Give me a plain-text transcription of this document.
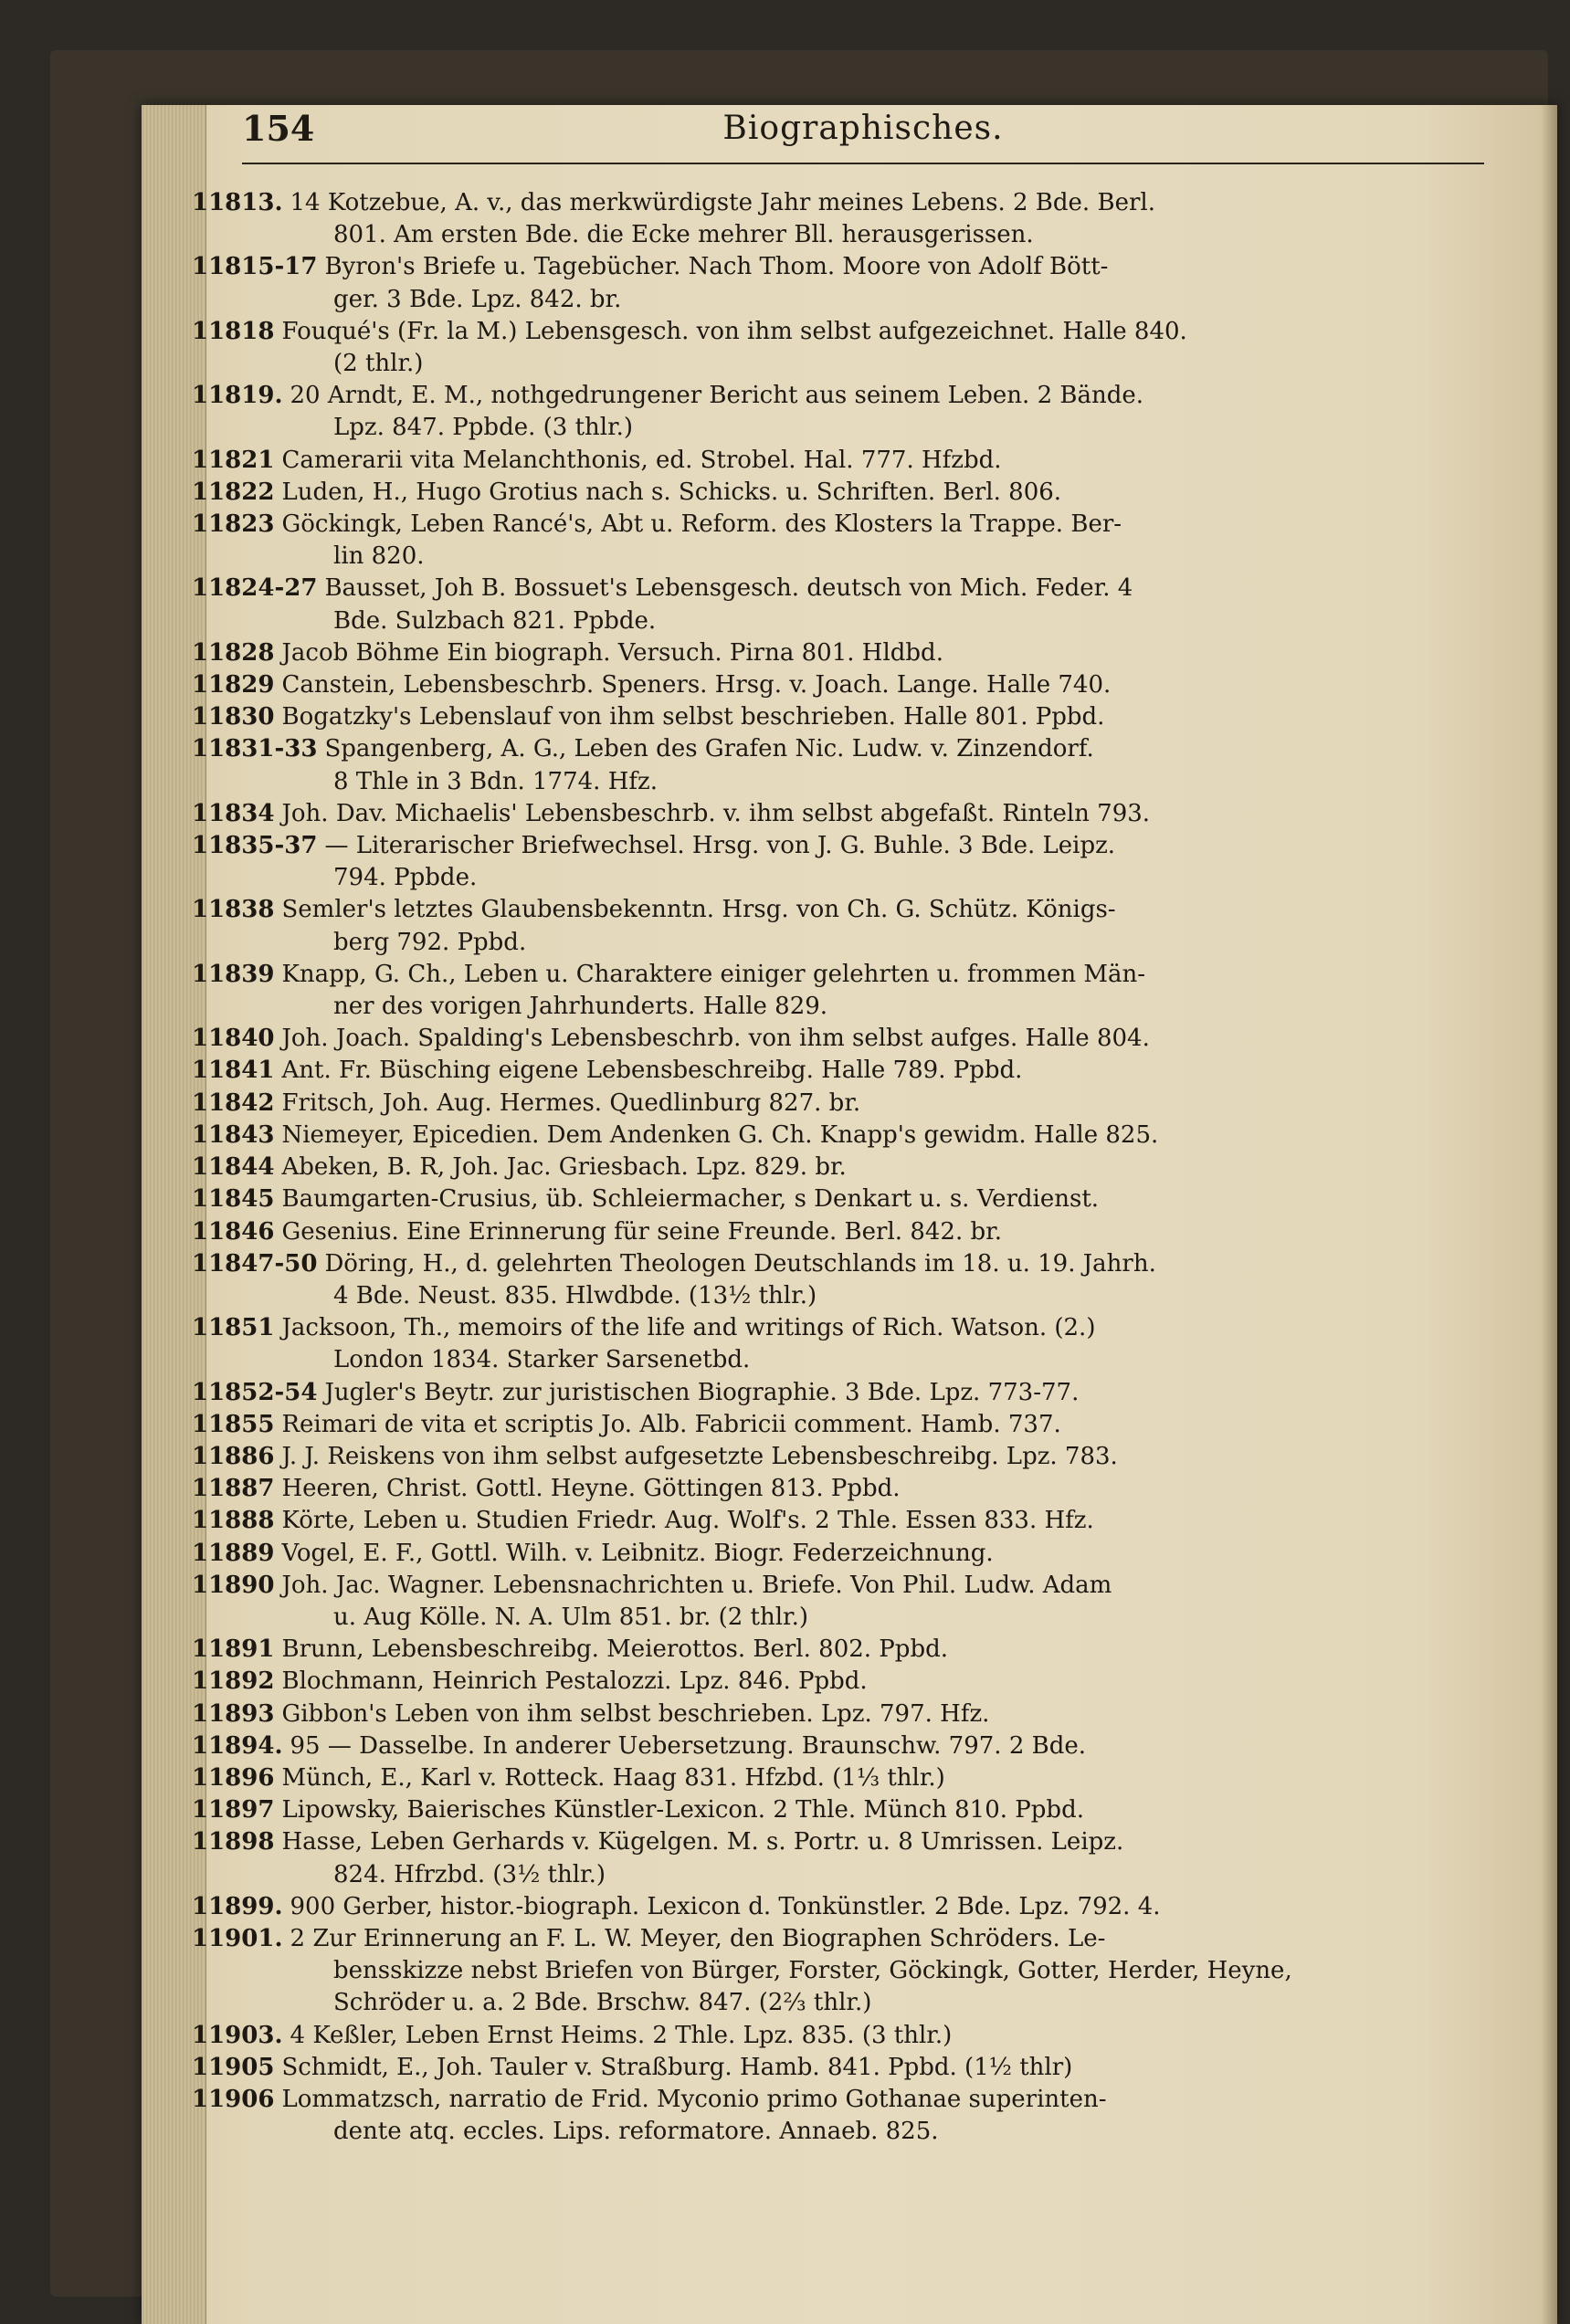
154	Biographisches.
11813. 14 Kotzebue, A. v., das merkwürdigste Jahr meines Lebens. 2 Bde. Berl.
801. Am ersten Bde. die Ecke mehrer Bll. herausgerissen.
11815-17 Byron's Briefe u. Tagebücher. Nach Thom. Moore von Adolf Bött-
ger. 3 Bde. Lpz. 842. br.
11818 Fouqué's (Fr. la M.) Lebensgesch. von ihm selbst aufgezeichnet. Halle 840.
(2 thlr.)
11819. 20 Arndt, E. M., nothgedrungener Bericht aus seinem Leben. 2 Bände.
Lpz. 847. Ppbde. (3 thlr.)
11821 Camerarii vita Melanchthonis, ed. Strobel. Hal. 777. Hfzbd.
11822 Luden, H., Hugo Grotius nach s. Schicks. u. Schriften. Berl. 806.
11823 Göckingk, Leben Rancé's, Abt u. Reform. des Klosters la Trappe. Ber-
lin 820.
11824-27 Bausset, Joh B. Bossuet's Lebensgesch. deutsch von Mich. Feder. 4
Bde. Sulzbach 821. Ppbde.
11828 Jacob Böhme Ein biograph. Versuch. Pirna 801. Hldbd.
11829 Canstein, Lebensbeschrb. Speners. Hrsg. v. Joach. Lange. Halle 740.
11830 Bogatzky's Lebenslauf von ihm selbst beschrieben. Halle 801. Ppbd.
11831-33 Spangenberg, A. G., Leben des Grafen Nic. Ludw. v. Zinzendorf.
8 Thle in 3 Bdn. 1774. Hfz.
11834 Joh. Dav. Michaelis' Lebensbeschrb. v. ihm selbst abgefaßt. Rinteln 793.
11835-37 — Literarischer Briefwechsel. Hrsg. von J. G. Buhle. 3 Bde. Leipz.
794. Ppbde.
11838 Semler's letztes Glaubensbekenntn. Hrsg. von Ch. G. Schütz. Königs-
berg 792. Ppbd.
11839 Knapp, G. Ch., Leben u. Charaktere einiger gelehrten u. frommen Män-
ner des vorigen Jahrhunderts. Halle 829.
11840 Joh. Joach. Spalding's Lebensbeschrb. von ihm selbst aufges. Halle 804.
11841 Ant. Fr. Büsching eigene Lebensbeschreibg. Halle 789. Ppbd.
11842 Fritsch, Joh. Aug. Hermes. Quedlinburg 827. br.
11843 Niemeyer, Epicedien. Dem Andenken G. Ch. Knapp's gewidm. Halle 825.
11844 Abeken, B. R, Joh. Jac. Griesbach. Lpz. 829. br.
11845 Baumgarten-Crusius, üb. Schleiermacher, s Denkart u. s. Verdienst.
11846 Gesenius. Eine Erinnerung für seine Freunde. Berl. 842. br.
11847-50 Döring, H., d. gelehrten Theologen Deutschlands im 18. u. 19. Jahrh.
4 Bde. Neust. 835. Hlwdbde. (13½ thlr.)
11851 Jacksoon, Th., memoirs of the life and writings of Rich. Watson. (2.)
London 1834. Starker Sarsenetbd.
11852-54 Jugler's Beytr. zur juristischen Biographie. 3 Bde. Lpz. 773-77.
11855 Reimari de vita et scriptis Jo. Alb. Fabricii comment. Hamb. 737.
11886 J. J. Reiskens von ihm selbst aufgesetzte Lebensbeschreibg. Lpz. 783.
11887 Heeren, Christ. Gottl. Heyne. Göttingen 813. Ppbd.
11888 Körte, Leben u. Studien Friedr. Aug. Wolf's. 2 Thle. Essen 833. Hfz.
11889 Vogel, E. F., Gottl. Wilh. v. Leibnitz. Biogr. Federzeichnung.
11890 Joh. Jac. Wagner. Lebensnachrichten u. Briefe. Von Phil. Ludw. Adam
u. Aug Kölle. N. A. Ulm 851. br. (2 thlr.)
11891 Brunn, Lebensbeschreibg. Meierottos. Berl. 802. Ppbd.
11892 Blochmann, Heinrich Pestalozzi. Lpz. 846. Ppbd.
11893 Gibbon's Leben von ihm selbst beschrieben. Lpz. 797. Hfz.
11894. 95 — Dasselbe. In anderer Uebersetzung. Braunschw. 797. 2 Bde.
11896 Münch, E., Karl v. Rotteck. Haag 831. Hfzbd. (1⅓ thlr.)
11897 Lipowsky, Baierisches Künstler-Lexicon. 2 Thle. Münch 810. Ppbd.
11898 Hasse, Leben Gerhards v. Kügelgen. M. s. Portr. u. 8 Umrissen. Leipz.
824. Hfrzbd. (3½ thlr.)
11899. 900 Gerber, histor.-biograph. Lexicon d. Tonkünstler. 2 Bde. Lpz. 792. 4.
11901. 2 Zur Erinnerung an F. L. W. Meyer, den Biographen Schröders. Le-
bensskizze nebst Briefen von Bürger, Forster, Göckingk, Gotter, Herder, Heyne,
Schröder u. a. 2 Bde. Brschw. 847. (2⅔ thlr.)
11903. 4 Keßler, Leben Ernst Heims. 2 Thle. Lpz. 835. (3 thlr.)
11905 Schmidt, E., Joh. Tauler v. Straßburg. Hamb. 841. Ppbd. (1½ thlr)
11906 Lommatzsch, narratio de Frid. Myconio primo Gothanae superinten-
dente atq. eccles. Lips. reformatore. Annaeb. 825.
